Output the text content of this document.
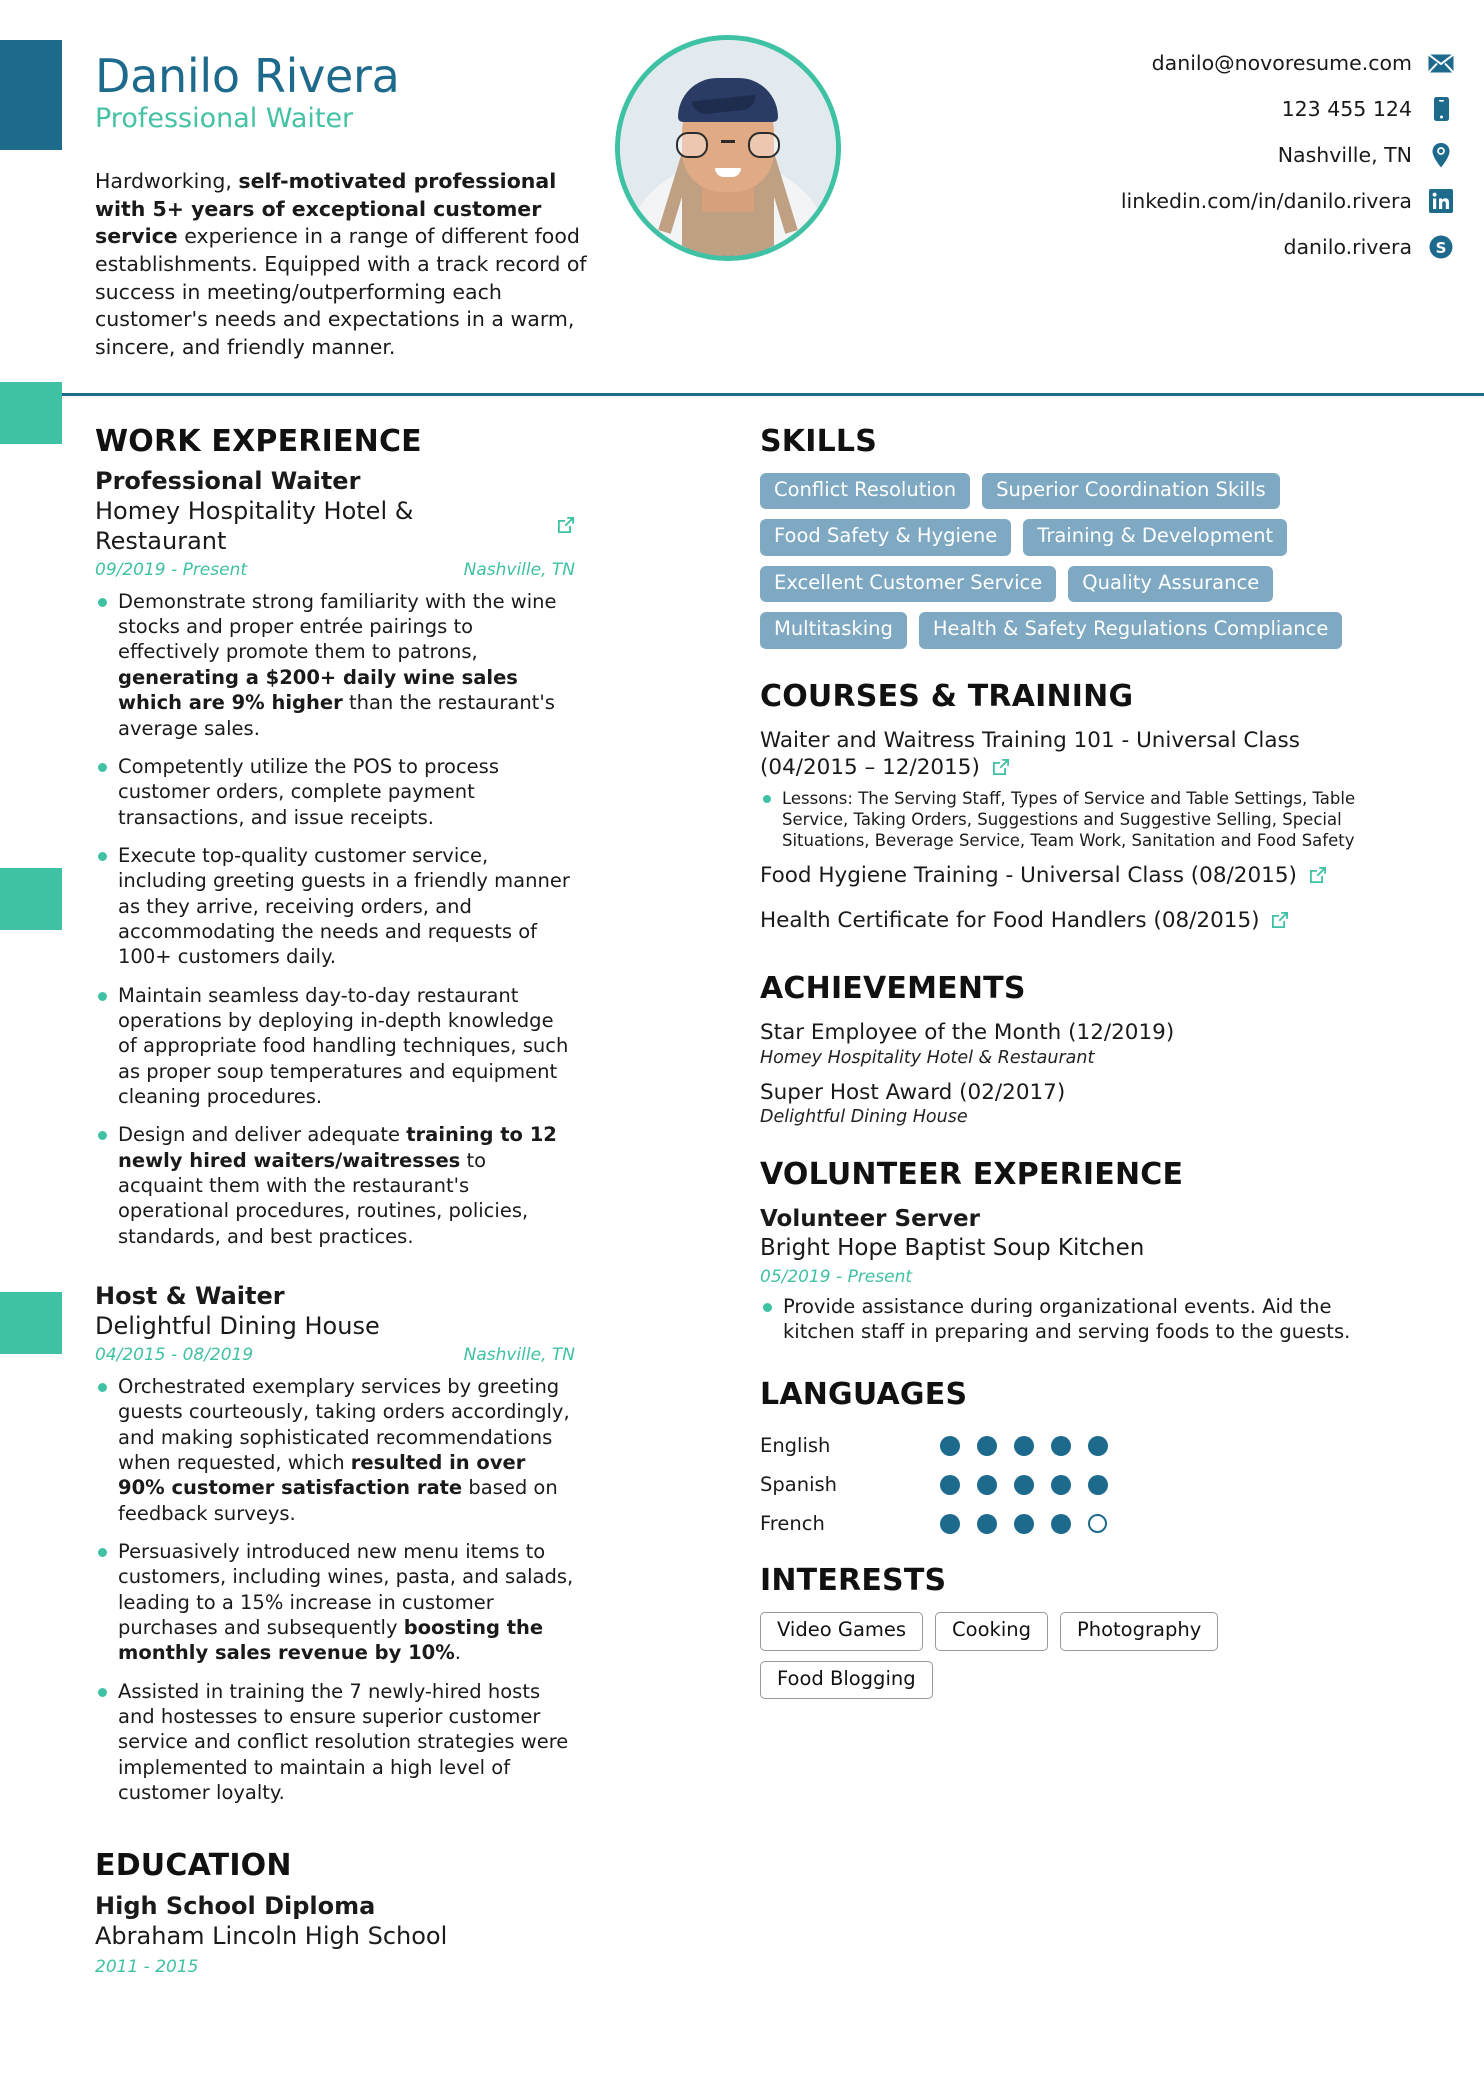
Danilo Rivera
Professional Waiter
Hardworking, self-motivated professional with 5+ years of exceptional customer service experience in a range of different food establishments. Equipped with a track record of success in meeting/outperforming each customer's needs and expectations in a warm, sincere, and friendly manner.
danilo@novoresume.com
123 455 124
Nashville, TN
linkedin.com/in/danilo.rivera
danilo.rivera S
WORK EXPERIENCE
Professional Waiter
Homey Hospitality Hotel & Restaurant
09/2019 - Present	Nashville, TN
Demonstrate strong familiarity with the wine stocks and proper entrée pairings to effectively promote them to patrons, generating a $200+ daily wine sales which are 9% higher than the restaurant's average sales.
Competently utilize the POS to process customer orders, complete payment transactions, and issue receipts.
Execute top-quality customer service, including greeting guests in a friendly manner as they arrive, receiving orders, and accommodating the needs and requests of 100+ customers daily.
Maintain seamless day-to-day restaurant operations by deploying in-depth knowledge of appropriate food handling techniques, such as proper soup temperatures and equipment cleaning procedures.
Design and deliver adequate training to 12 newly hired waiters/waitresses to acquaint them with the restaurant's operational procedures, routines, policies, standards, and best practices.
Host & Waiter
Delightful Dining House
04/2015 - 08/2019	Nashville, TN
Orchestrated exemplary services by greeting guests courteously, taking orders accordingly, and making sophisticated recommendations when requested, which resulted in over 90% customer satisfaction rate based on feedback surveys.
Persuasively introduced new menu items to customers, including wines, pasta, and salads, leading to a 15% increase in customer purchases and subsequently boosting the monthly sales revenue by 10%.
Assisted in training the 7 newly-hired hosts and hostesses to ensure superior customer service and conflict resolution strategies were implemented to maintain a high level of customer loyalty.
EDUCATION
High School Diploma
Abraham Lincoln High School
2011 - 2015
SKILLS
Conflict Resolution	Superior Coordination Skills
Food Safety & Hygiene	Training & Development
Excellent Customer Service	Quality Assurance
Multitasking	Health & Safety Regulations Compliance
COURSES & TRAINING
Waiter and Waitress Training 101 - Universal Class (04/2015 – 12/2015)
Lessons: The Serving Staff, Types of Service and Table Settings, Table Service, Taking Orders, Suggestions and Suggestive Selling, Special Situations, Beverage Service, Team Work, Sanitation and Food Safety
Food Hygiene Training - Universal Class (08/2015)
Health Certificate for Food Handlers (08/2015)
ACHIEVEMENTS
Star Employee of the Month (12/2019)
Homey Hospitality Hotel & Restaurant
Super Host Award (02/2017)
Delightful Dining House
VOLUNTEER EXPERIENCE
Volunteer Server
Bright Hope Baptist Soup Kitchen
05/2019 - Present
Provide assistance during organizational events. Aid the kitchen staff in preparing and serving foods to the guests.
LANGUAGES
English
Spanish
French
INTERESTS
Video Games	Cooking	Photography
Food Blogging
